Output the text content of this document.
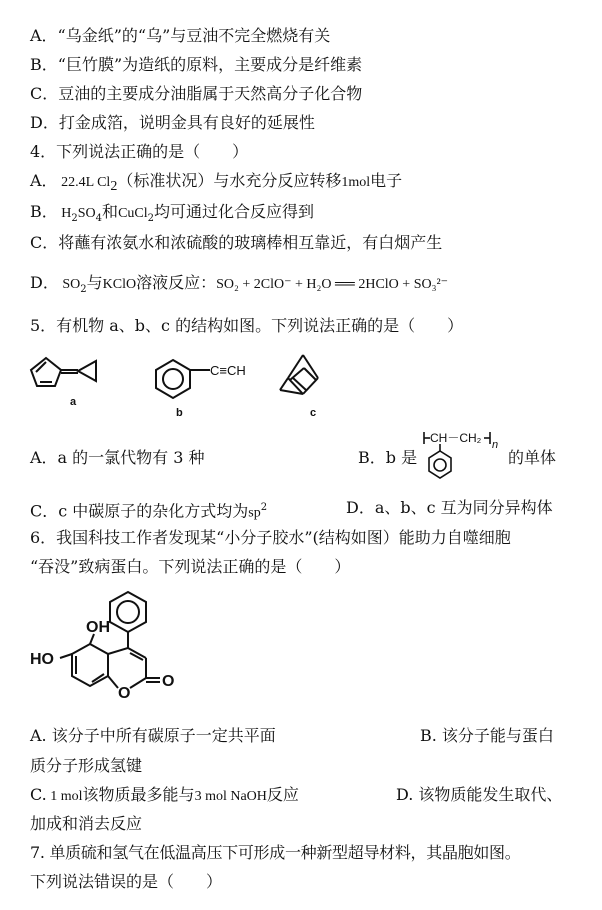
A．“乌金纸”的“乌”与豆油不完全燃烧有关
B．“巨竹膜”为造纸的原料，主要成分是纤维素
C．豆油的主要成分油脂属于天然高分子化合物
D．打金成箔，说明金具有良好的延展性
4．下列说法正确的是（　　）
A． 22.4L $Cl_2$（标准状况）与水充分反应转移1mol电子
B． $H_2SO_4$和CuCl$_2$均可通过化合反应得到
C．将蘸有浓氨水和浓硫酸的玻璃棒相互靠近，有白烟产生
D． $SO_2$与KClO溶液反应：SO₂ + 2ClO⁻ + H₂O ══ 2HClO + SO₃²⁻
5．有机物 a、b、c 的结构如图。下列说法正确的是（　　）
a
C≡CH
b	c
A．a 的一氯代物有 3 种	B．b 是
CH－CH₂ n
的单体
C．c 中碳原子的杂化方式均为$sp^2$	D．a、b、c 互为同分异构体
6．我国科技工作者发现某“小分子胶水”(结构如图）能助力自噬细胞
“吞没”致病蛋白。下列说法正确的是（　　）
OH
HO
O
O
A. 该分子中所有碳原子一定共平面	B. 该分子能与蛋白
质分子形成氢键
C. 1 mol该物质最多能与3 mol NaOH反应	D. 该物质能发生取代、
加成和消去反应
7. 单质硫和氢气在低温高压下可形成一种新型超导材料，其晶胞如图。
下列说法错误的是（　　）
